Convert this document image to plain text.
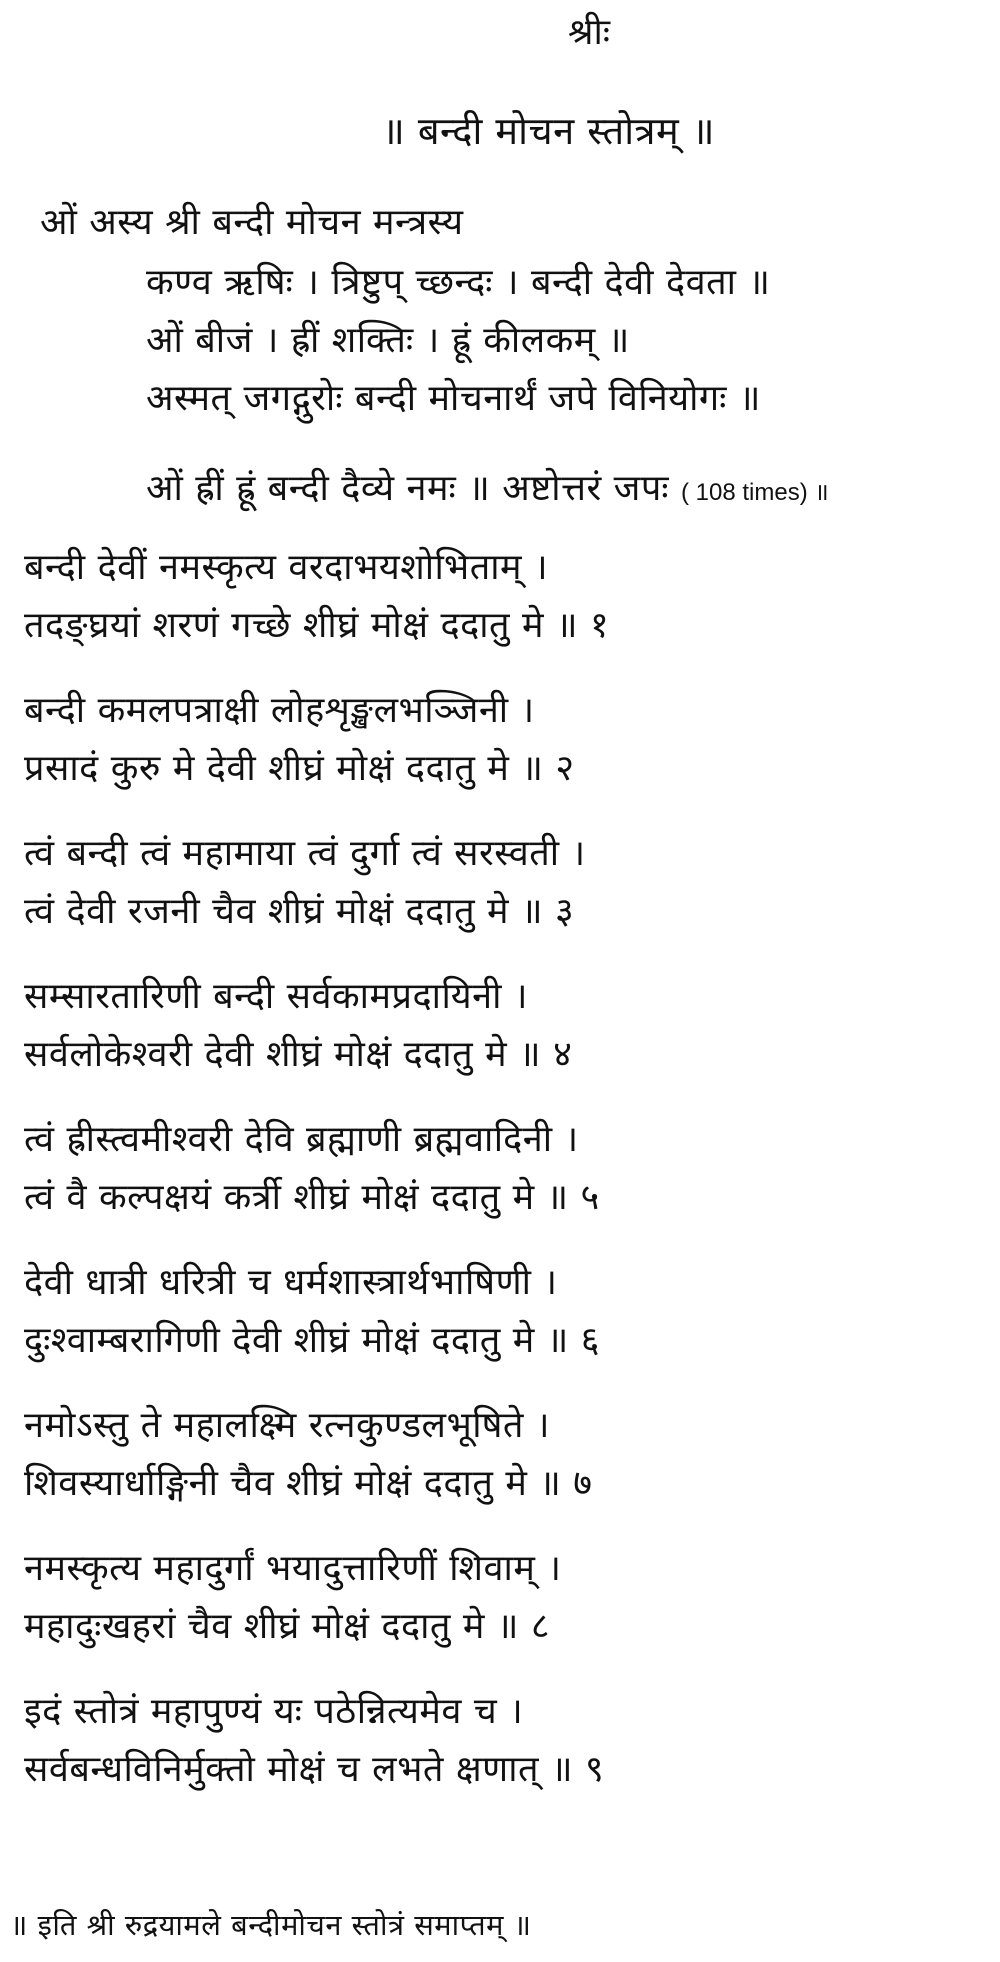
श्रीः
॥ बन्दी मोचन स्तोत्रम् ॥
ओं अस्य श्री बन्दी मोचन मन्त्रस्य
कण्व ऋषिः । त्रिष्टुप् च्छन्दः । बन्दी देवी देवता ॥
ओं बीजं । ह्रीं शक्तिः । ह्रूं कीलकम् ॥
अस्मत् जगद्गुरोः बन्दी मोचनार्थं जपे विनियोगः ॥
ओं ह्रीं ह्रूं बन्दी दैव्ये नमः ॥ अष्टोत्तरं जपः ( 108 times) ॥
बन्दी देवीं नमस्कृत्य वरदाभयशोभिताम् ।
तदङ्घ्रयां शरणं गच्छे शीघ्रं मोक्षं ददातु मे ॥ १
बन्दी कमलपत्राक्षी लोहशृङ्खलभञ्जिनी ।
प्रसादं कुरु मे देवी शीघ्रं मोक्षं ददातु मे ॥ २
त्वं बन्दी त्वं महामाया त्वं दुर्गा त्वं सरस्वती ।
त्वं देवी रजनी चैव शीघ्रं मोक्षं ददातु मे ॥ ३
सम्सारतारिणी बन्दी सर्वकामप्रदायिनी ।
सर्वलोकेश्वरी देवी शीघ्रं मोक्षं ददातु मे ॥ ४
त्वं ह्रीस्त्वमीश्वरी देवि ब्रह्माणी ब्रह्मवादिनी ।
त्वं वै कल्पक्षयं कर्त्री शीघ्रं मोक्षं ददातु मे ॥ ५
देवी धात्री धरित्री च धर्मशास्त्रार्थभाषिणी ।
दुःश्वाम्बरागिणी देवी शीघ्रं मोक्षं ददातु मे ॥ ६
नमोऽस्तु ते महालक्ष्मि रत्नकुण्डलभूषिते ।
शिवस्यार्धाङ्गिनी चैव शीघ्रं मोक्षं ददातु मे ॥ ७
नमस्कृत्य महादुर्गां भयादुत्तारिणीं शिवाम् ।
महादुःखहरां चैव शीघ्रं मोक्षं ददातु मे ॥ ८
इदं स्तोत्रं महापुण्यं यः पठेन्नित्यमेव च ।
सर्वबन्धविनिर्मुक्तो मोक्षं च लभते क्षणात् ॥ ९
॥ इति श्री रुद्रयामले बन्दीमोचन स्तोत्रं समाप्तम् ॥
